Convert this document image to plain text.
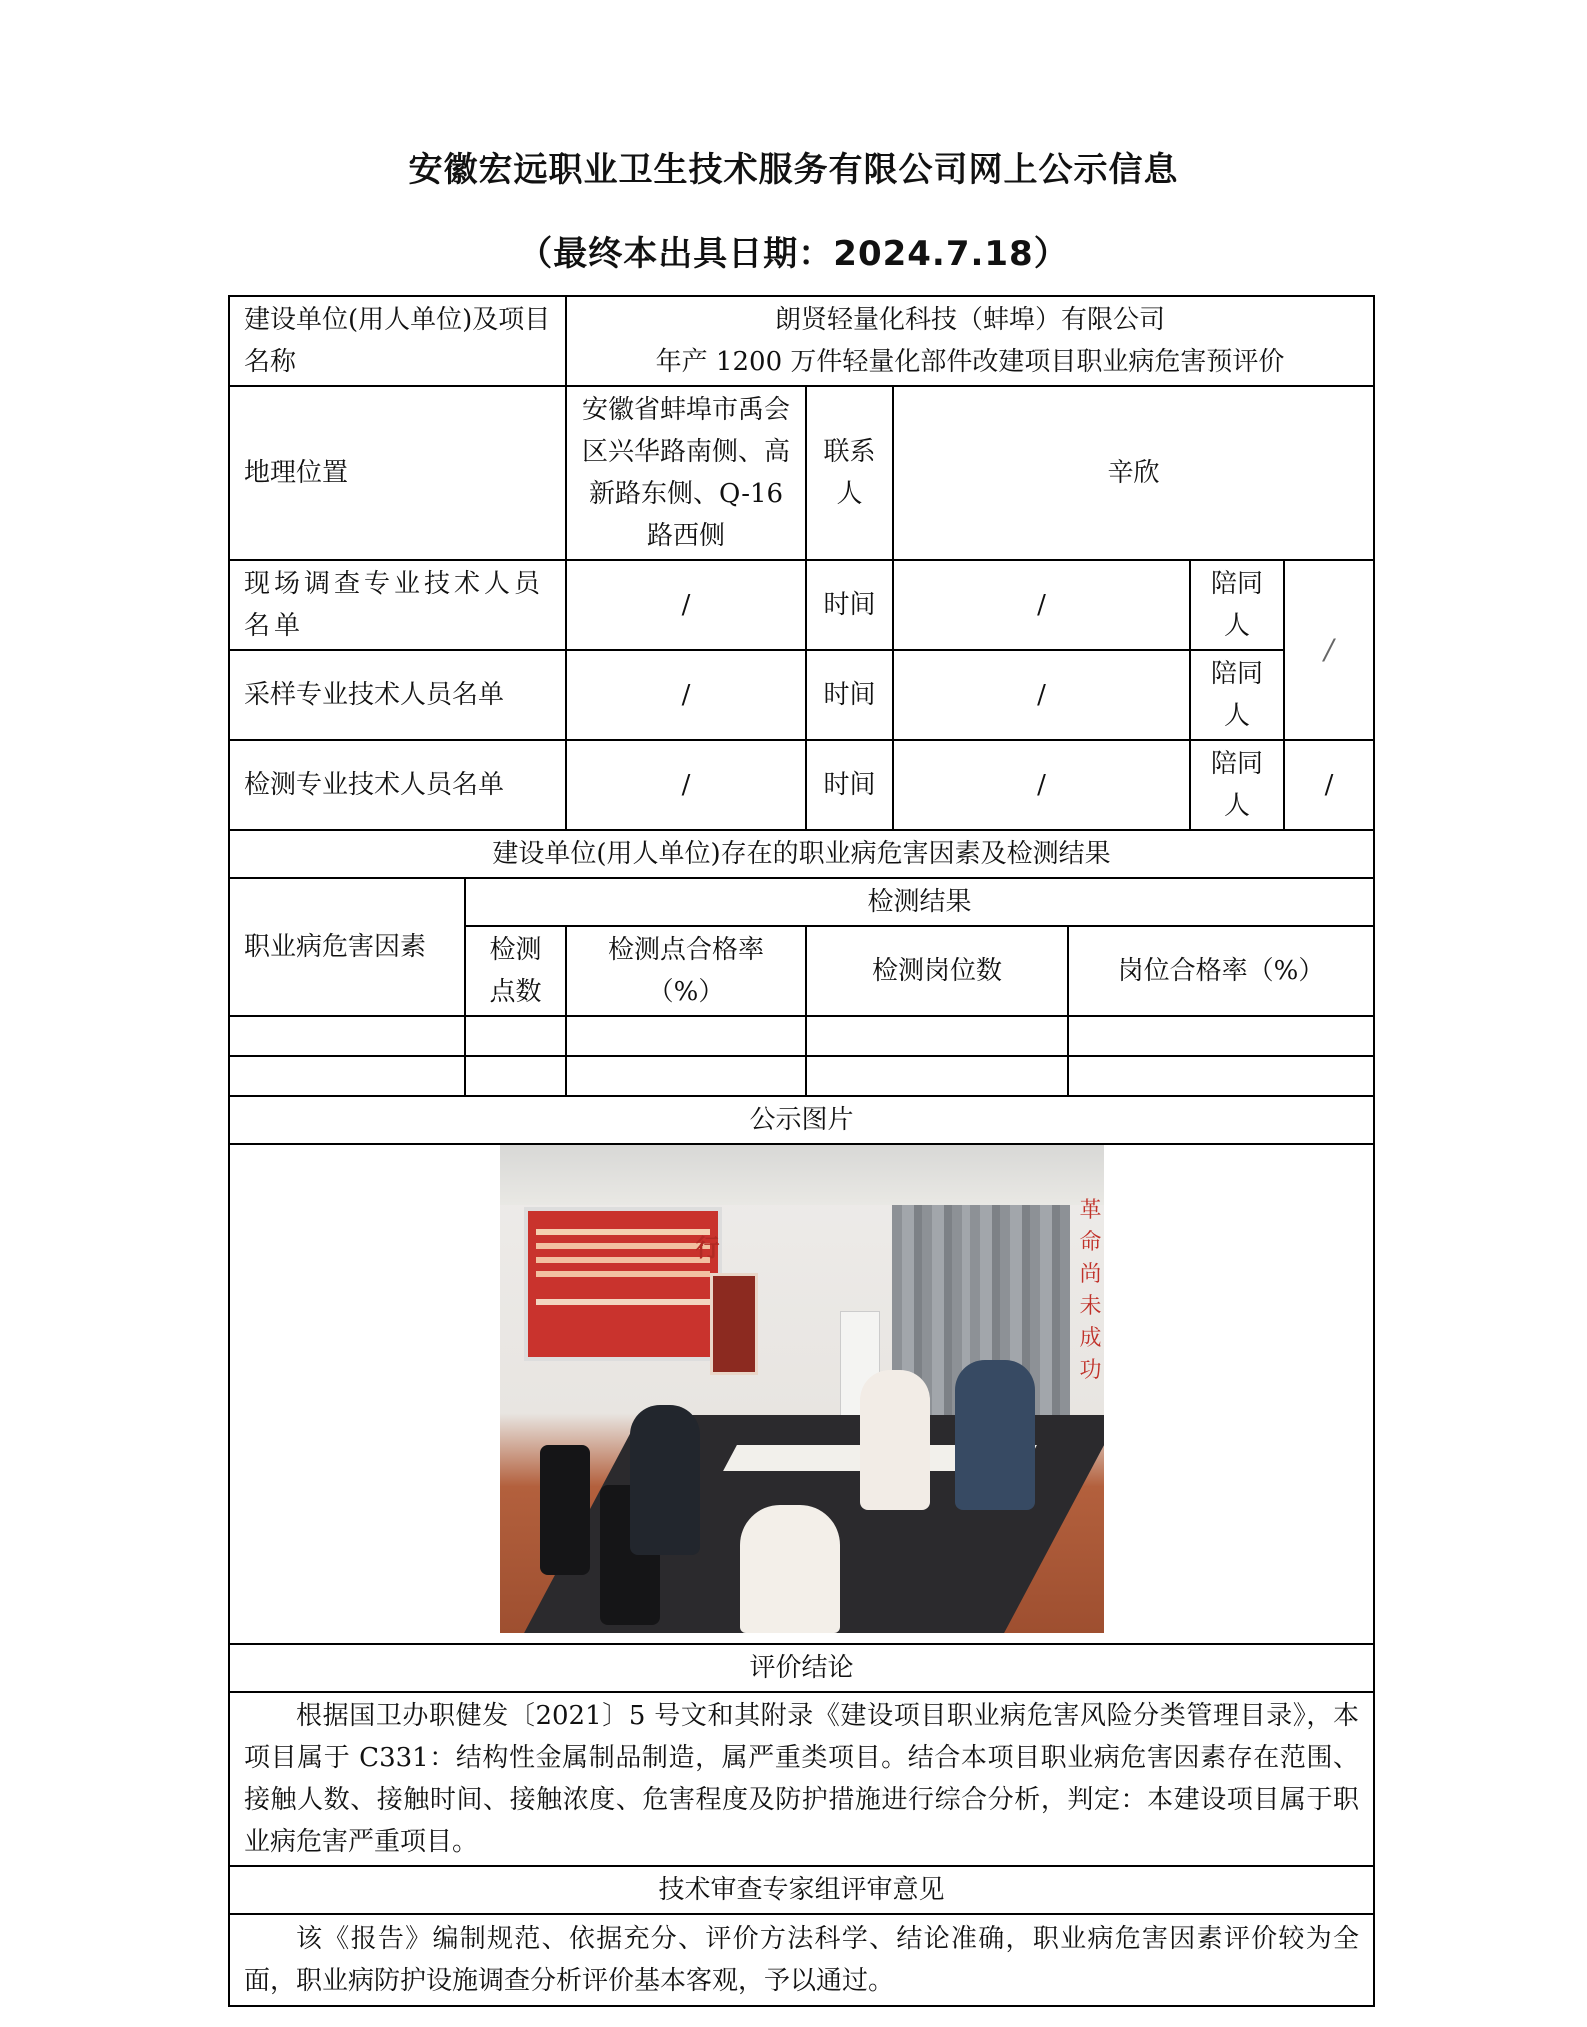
安徽宏远职业卫生技术服务有限公司网上公示信息
（最终本出具日期：2024.7.18）
建设单位(用人单位)及项目名称		朗贤轻量化科技（蚌埠）有限公司
年产 1200 万件轻量化部件改建项目职业病危害预评价					

地理位置		安徽省蚌埠市禹会区兴华路南侧、高新路东侧、Q-16 路西侧	联系人	辛欣			
现场调查专业技术人员名单		/	时间	/		陪同人	/
采样专业技术人员名单		/	时间	/		陪同人	
检测专业技术人员名单		/	时间	/		陪同人	/
建设单位(用人单位)存在的职业病危害因素及检测结果							
职业病危害因素	检测结果						
	检测点数	检测点合格率（%）	检测岗位数		岗位合格率（%）		

公示图片							

行
革命尚未成功							

评价结论							
根据国卫办职健发〔2021〕5 号文和其附录《建设项目职业病危害风险分类管理目录》，本项目属于 C331：结构性金属制品制造，属严重类项目。结合本项目职业病危害因素存在范围、接触人数、接触时间、接触浓度、危害程度及防护措施进行综合分析，判定：本建设项目属于职业病危害严重项目。							
技术审查专家组评审意见							
该《报告》编制规范、依据充分、评价方法科学、结论准确，职业病危害因素评价较为全面，职业病防护设施调查分析评价基本客观，予以通过。							
